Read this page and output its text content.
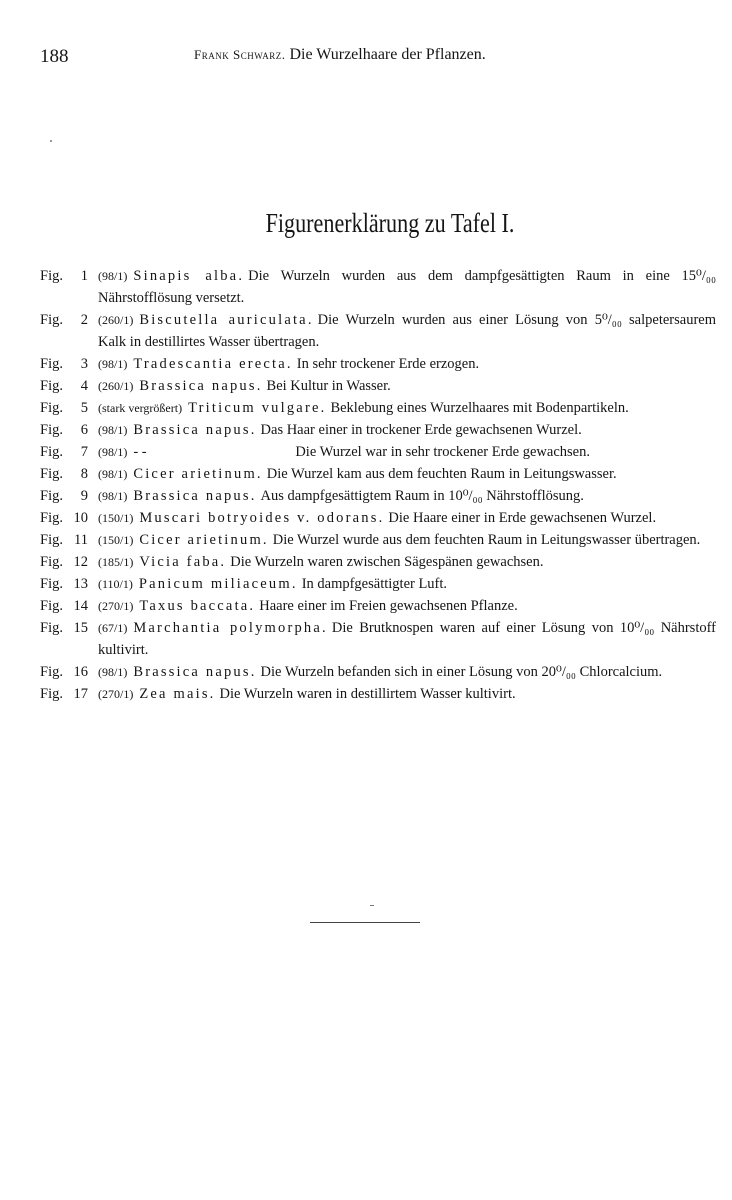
188	Frank Schwarz. Die Wurzelhaare der Pflanzen.
Figurenerklärung zu Tafel I.
Fig.	1 (98/1) Sinapis alba. Die Wurzeln wurden aus dem dampfgesättigten Raum in eine 15⁰/₀₀ Nährstofflösung versetzt.
Fig.	2 (260/1) Biscutella auriculata. Die Wurzeln wurden aus einer Lösung von 5⁰/₀₀ salpetersaurem Kalk in destillirtes Wasser übertragen.
Fig.	3 (98/1) Tradescantia erecta. In sehr trockener Erde erzogen.
Fig.	4 (260/1) Brassica napus. Bei Kultur in Wasser.
Fig.	5 (stark vergrößert) Triticum vulgare. Beklebung eines Wurzelhaares mit Bodenpartikeln.
Fig.	6 (98/1) Brassica napus. Das Haar einer in trockener Erde gewachsenen Wurzel.
Fig.	7 (98/1) - -	Die Wurzel war in sehr trockener Erde gewachsen.
Fig.	8 (98/1) Cicer arietinum. Die Wurzel kam aus dem feuchten Raum in Leitungswasser.
Fig.	9 (98/1) Brassica napus. Aus dampfgesättigtem Raum in 10⁰/₀₀ Nährstofflösung.
Fig. 10 (150/1) Muscari botryoides v. odorans. Die Haare einer in Erde gewachsenen Wurzel.
Fig. 11 (150/1) Cicer arietinum. Die Wurzel wurde aus dem feuchten Raum in Leitungswasser übertragen.
Fig. 12 (185/1) Vicia faba. Die Wurzeln waren zwischen Sägespänen gewachsen.
Fig. 13 (110/1) Panicum miliaceum. In dampfgesättigter Luft.
Fig. 14 (270/1) Taxus baccata. Haare einer im Freien gewachsenen Pflanze.
Fig. 15 (67/1) Marchantia polymorpha. Die Brutknospen waren auf einer Lösung von 10⁰/₀₀ Nährstoff kultivirt.
Fig. 16 (98/1) Brassica napus. Die Wurzeln befanden sich in einer Lösung von 20⁰/₀₀ Chlorcalcium.
Fig. 17 (270/1) Zea mais. Die Wurzeln waren in destillirtem Wasser kultivirt.
